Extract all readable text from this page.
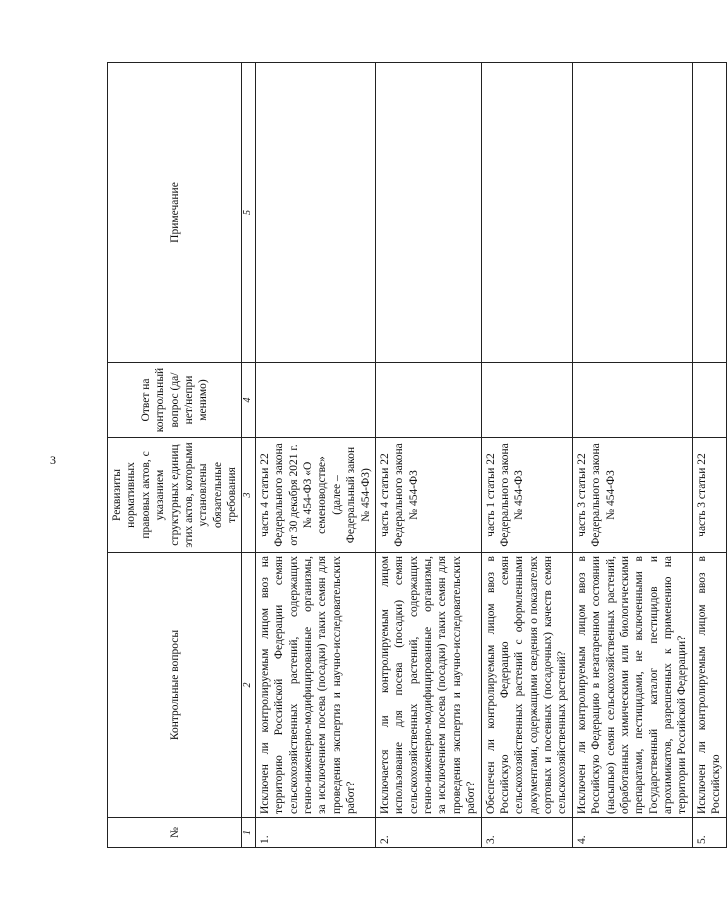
3
№	Контрольные вопросы	Реквизиты нормативных правовых актов, с указанием структурных единиц этих актов, которыми установлены обязательные требования	Ответ на контрольный вопрос (да/нет/непри менимо)	Примечание
1	2	3	4	5
1.	Исключен ли контролируемым лицом ввоз на территорию Российской Федерации семян сельскохозяйственных растений, содержащих генно-инженерно-модифицированные организмы, за исключением посева (посадки) таких семян для проведения экспертиз и научно-исследовательских работ?	часть 4 статьи 22 Федерального закона от 30 декабря 2021 г. № 454-ФЗ «О семеноводстве» (далее – Федеральный закон № 454-ФЗ)		
2.	Исключается ли контролируемым лицом использование для посева (посадки) семян сельскохозяйственных растений, содержащих генно-инженерно-модифицированные организмы, за исключением посева (посадки) таких семян для проведения экспертиз и научно-исследовательских работ?	часть 4 статьи 22 Федерального закона № 454-ФЗ		
3.	Обеспечен ли контролируемым лицом ввоз в Российскую Федерацию семян сельскохозяйственных растений с оформленными документами, содержащими сведения о показателях сортовых и посевных (посадочных) качеств семян сельскохозяйственных растений?	часть 1 статьи 22 Федерального закона № 454-ФЗ		
4.	Исключен ли контролируемым лицом ввоз в Российскую Федерацию в незатаренном состоянии (насыпью) семян сельскохозяйственных растений, обработанных химическими или биологическими препаратами, пестицидами, не включенными в Государственный каталог пестицидов и агрохимикатов, разрешенных к применению на территории Российской Федерации?	часть 3 статьи 22 Федерального закона № 454-ФЗ		
5.	Исключен ли контролируемым лицом ввоз в Российскую	часть 3 статьи 22		
